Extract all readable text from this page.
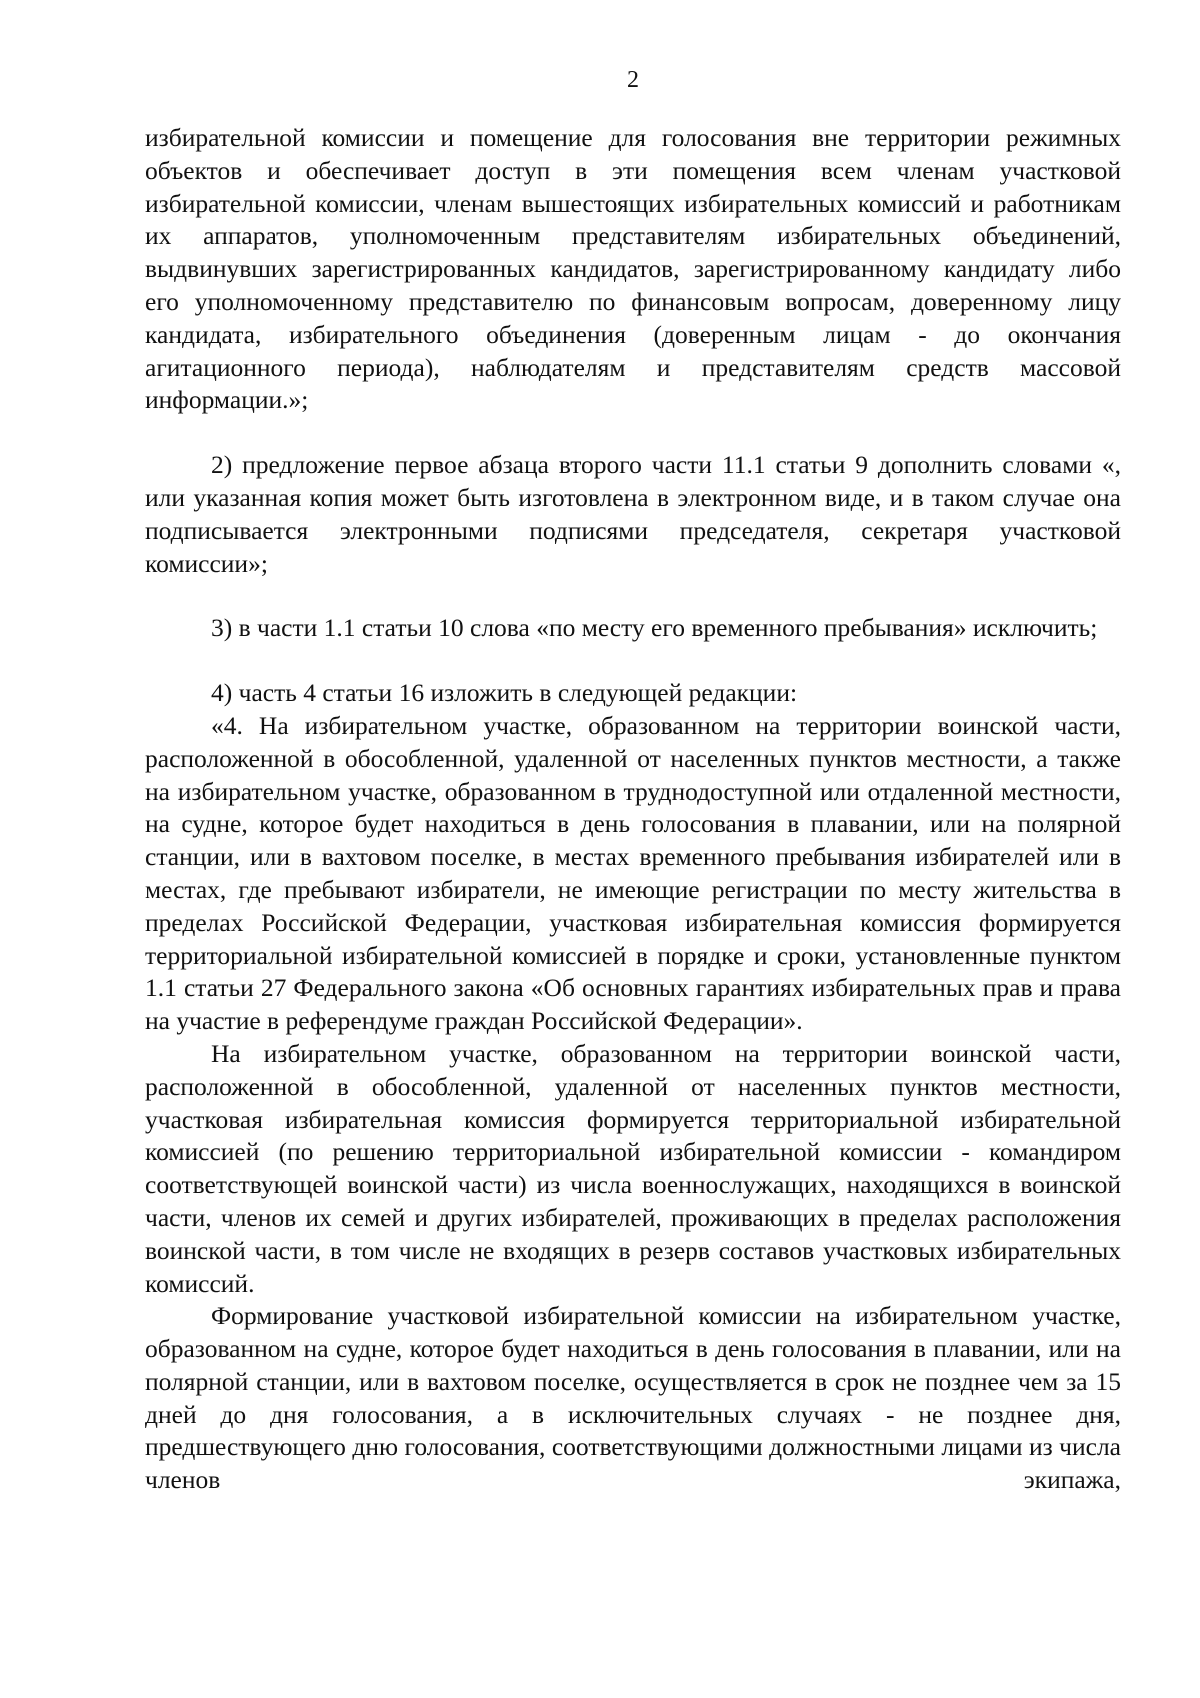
2

избирательной комиссии и помещение для голосования вне территории режимных объектов и обеспечивает доступ в эти помещения всем членам участковой избирательной комиссии, членам вышестоящих избирательных комиссий и работникам их аппаратов, уполномоченным представителям избирательных объединений, выдвинувших зарегистрированных кандидатов, зарегистрированному кандидату либо его уполномоченному представителю по финансовым вопросам, доверенному лицу кандидата, избирательного объединения (доверенным лицам - до окончания агитационного периода), наблюдателям и представителям средств массовой информации.»;

2) предложение первое абзаца второго части 11.1 статьи 9 дополнить словами «, или указанная копия может быть изготовлена в электронном виде, и в таком случае она подписывается электронными подписями председателя, секретаря участковой комиссии»;

3) в части 1.1 статьи 10 слова «по месту его временного пребывания» исключить;

4) часть 4 статьи 16 изложить в следующей редакции:

«4. На избирательном участке, образованном на территории воинской части, расположенной в обособленной, удаленной от населенных пунктов местности, а также на избирательном участке, образованном в труднодоступной или отдаленной местности, на судне, которое будет находиться в день голосования в плавании, или на полярной станции, или в вахтовом поселке, в местах временного пребывания избирателей или в местах, где пребывают избиратели, не имеющие регистрации по месту жительства в пределах Российской Федерации, участковая избирательная комиссия формируется территориальной избирательной комиссией в порядке и сроки, установленные пунктом 1.1 статьи 27 Федерального закона «Об основных гарантиях избирательных прав и права на участие в референдуме граждан Российской Федерации».

На избирательном участке, образованном на территории воинской части, расположенной в обособленной, удаленной от населенных пунктов местности, участковая избирательная комиссия формируется территориальной избирательной комиссией (по решению территориальной избирательной комиссии - командиром соответствующей воинской части) из числа военнослужащих, находящихся в воинской части, членов их семей и других избирателей, проживающих в пределах расположения воинской части, в том числе не входящих в резерв составов участковых избирательных комиссий.

Формирование участковой избирательной комиссии на избирательном участке, образованном на судне, которое будет находиться в день голосования в плавании, или на полярной станции, или в вахтовом поселке, осуществляется в срок не позднее чем за 15 дней до дня голосования, а в исключительных случаях - не позднее дня, предшествующего дню голосования, соответствующими должностными лицами из числа членов экипажа,
